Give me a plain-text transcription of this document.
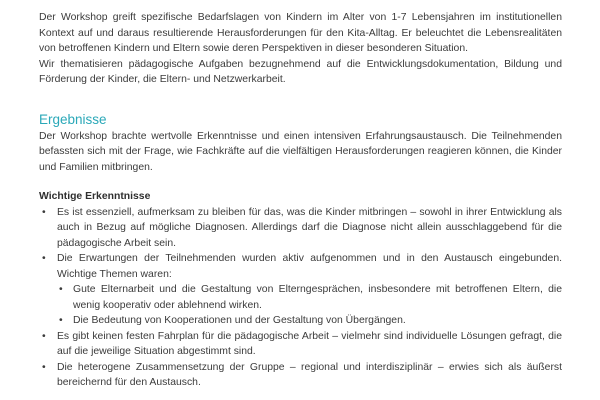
Der Workshop greift spezifische Bedarfslagen von Kindern im Alter von 1-7 Lebensjahren im institutionellen Kontext auf und daraus resultierende Herausforderungen für den Kita-Alltag. Er beleuchtet die Lebensrealitäten von betroffenen Kindern und Eltern sowie deren Perspektiven in dieser besonderen Situation.

Wir thematisieren pädagogische Aufgaben bezugnehmend auf die Entwicklungsdokumentation, Bildung und Förderung der Kinder, die Eltern- und Netzwerkarbeit.

Ergebnisse

Der Workshop brachte wertvolle Erkenntnisse und einen intensiven Erfahrungsaustausch. Die Teilnehmenden befassten sich mit der Frage, wie Fachkräfte auf die vielfältigen Herausforderungen reagieren können, die Kinder und Familien mitbringen.

Wichtige Erkenntnisse

• Es ist essenziell, aufmerksam zu bleiben für das, was die Kinder mitbringen – sowohl in ihrer Entwicklung als auch in Bezug auf mögliche Diagnosen. Allerdings darf die Diagnose nicht allein ausschlaggebend für die pädagogische Arbeit sein.
• Die Erwartungen der Teilnehmenden wurden aktiv aufgenommen und in den Austausch eingebunden. Wichtige Themen waren:
• Gute Elternarbeit und die Gestaltung von Elterngesprächen, insbesondere mit betroffenen Eltern, die wenig kooperativ oder ablehnend wirken.
• Die Bedeutung von Kooperationen und der Gestaltung von Übergängen.
• Es gibt keinen festen Fahrplan für die pädagogische Arbeit – vielmehr sind individuelle Lösungen gefragt, die auf die jeweilige Situation abgestimmt sind.
• Die heterogene Zusammensetzung der Gruppe – regional und interdisziplinär – erwies sich als äußerst bereichernd für den Austausch.
